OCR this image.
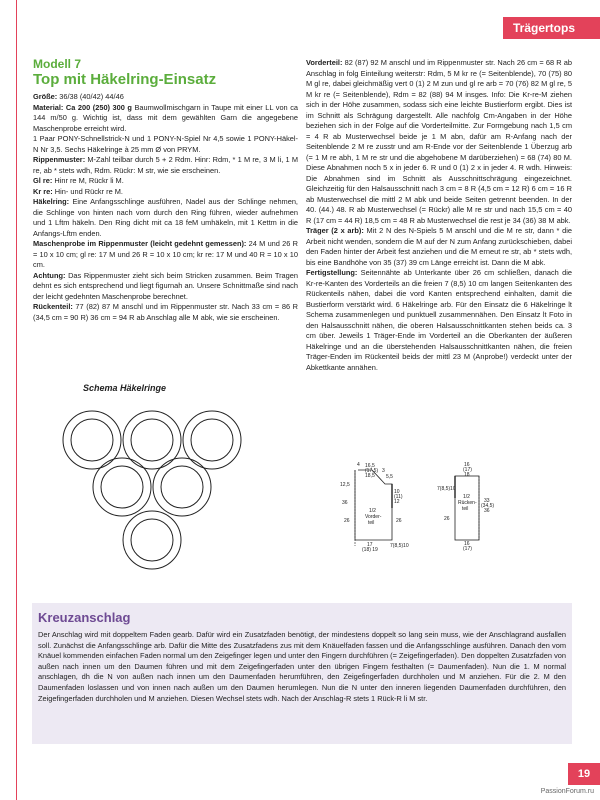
Trägertops
Modell 7
Top mit Häkelring-Einsatz
Größe: 36/38 (40/42) 44/46
Material: Ca 200 (250) 300 g Baumwollmischgarn in Taupe mit einer LL von ca 144 m/50 g. Wichtig ist, dass mit dem gewählten Garn die angegebene Maschenprobe erreicht wird.
1 Paar PONY-Schnellstrick-N und 1 PONY-N-Spiel Nr 4,5 sowie 1 PONY-Häkel-N Nr 3,5. Sechs Häkelringe à 25 mm Ø von PRYM.
Rippenmuster: M-Zahl teilbar durch 5 + 2 Rdm. Hinr: Rdm, * 1 M re, 3 M li, 1 M re, ab * stets wdh, Rdm. Rückr: M str, wie sie erscheinen.
Gl re: Hinr re M, Rückr li M.
Kr re: Hin- und Rückr re M.
Häkelring: Eine Anfangsschlinge ausführen, Nadel aus der Schlinge nehmen, die Schlinge von hinten nach vorn durch den Ring führen, wieder aufnehmen und 1 Lftm häkeln. Den Ring dicht mit ca 18 feM umhäkeln, mit 1 Kettm in die Anfangs-Lftm enden.
Maschenprobe im Rippenmuster (leicht gedehnt gemessen): 24 M und 26 R = 10 x 10 cm; gl re: 17 M und 26 R = 10 x 10 cm; kr re: 17 M und 40 R = 10 x 10 cm.
Achtung: Das Rippenmuster zieht sich beim Stricken zusammen. Beim Tragen dehnt es sich entsprechend und liegt figurnah an. Unsere Schnittmaße sind nach der leicht gedehnten Maschenprobe berechnet.
Rückenteil: 77 (82) 87 M anschl und im Rippenmuster str. Nach 33 cm = 86 R (34,5 cm = 90 R) 36 cm = 94 R ab Anschlag alle M abk, wie sie erscheinen.
Schema Häkelringe
Vorderteil: 82 (87) 92 M anschl und im Rippenmuster str. Nach 26 cm = 68 R ab Anschlag in folg Einteilung weiterstr: Rdm, 5 M kr re (= Seitenblende), 70 (75) 80 M gl re, dabei gleichmäßig vert 0 (1) 2 M zun und gl re arb = 70 (76) 82 M gl re, 5 M kr re (= Seitenblende), Rdm = 82 (88) 94 M insges. Info: Die Kr-re-M ziehen sich in der Höhe zusammen, sodass sich eine leichte Bustierform ergibt. Dies ist im Schnitt als Schrägung dargestellt. Alle nachfolg Cm-Angaben in der Höhe beziehen sich in der Folge auf die Vorderteilmitte. Zur Formgebung nach 1,5 cm = 4 R ab Musterwechsel beide je 1 M abn, dafür am R-Anfang nach der Seitenblende 2 M re zusstr und am R-Ende vor der Seitenblende 1 Überzug arb (= 1 M re abh, 1 M re str und die abgehobene M darüberziehen) = 68 (74) 80 M. Diese Abnahmen noch 5 x in jeder 6. R und 0 (1) 2 x in jeder 4. R wdh. Hinweis: Die Abnahmen sind im Schnitt als Ausschnittschrägung eingezeichnet. Gleichzeitig für den Halsausschnitt nach 3 cm = 8 R (4,5 cm = 12 R) 6 cm = 16 R ab Musterwechsel die mittl 2 M abk und beide Seiten getrennt beenden. In der 40. (44.) 48. R ab Musterwechsel (= Rückr) alle M re str und nach 15,5 cm = 40 R (17 cm = 44 R) 18,5 cm = 48 R ab Musterwechsel die rest je 34 (36) 38 M abk.
Träger (2 x arb): Mit 2 N des N-Spiels 5 M anschl und die M re str, dann * die Arbeit nicht wenden, sondern die M auf der N zum Anfang zurückschieben, dabei den Faden hinter der Arbeit fest anziehen und die M erneut re str, ab * stets wdh, bis eine Bandhöhe von 35 (37) 39 cm Länge erreicht ist. Dann die M abk.
Fertigstellung: Seitennähte ab Unterkante über 26 cm schließen, danach die Kr-re-Kanten des Vorderteils an die freien 7 (8,5) 10 cm langen Seitenkanten des Rückenteils nähen, dabei die vord Kanten entsprechend einhalten, damit die Bustierform verstärkt wird. 6 Häkelringe arb. Für den Einsatz die 6 Häkelringe lt Schema zusammenlegen und punktuell zusammennähen. Den Einsatz lt Foto in den Halsausschnitt nähen, die oberen Halsausschnittkanten stehen beids ca. 3 cm über. Jeweils 1 Träger-Ende im Vorderteil an die Oberkanten der äußeren Häkelringe und an die überstehenden Halsausschnittkanten nähen, die freien Träger-Enden im Rückenteil beids der mittl 23 M (Anprobe!) verdeckt unter der Abkettkante annähen.
4 16,5
(17,5)
18,5
3
5,5
12,5
36
10
(11)
12
26	26
1/2
Vorder-
teil
17
(18) 19
7(8,5)10
16
(17)
18
7(8,5)10
33
(34,5)
36
26
1/2
Rücken-
teil
16
(17)
Kreuzanschlag
Der Anschlag wird mit doppeltem Faden gearb. Dafür wird ein Zusatzfaden benötigt, der mindestens doppelt so lang sein muss, wie der Anschlagrand ausfallen soll. Zunächst die Anfangsschlinge arb. Dafür die Mitte des Zusatzfadens zus mit dem Knäuelfaden fassen und die Anfangsschlinge ausführen. Danach den vom Knäuel kommenden einfachen Faden normal um den Zeigefinger legen und unter den Fingern durchführen (= Zeigefingerfaden). Den doppelten Zusatzfaden von außen nach innen um den Daumen führen und mit dem Zeigefingerfaden unter den übrigen Fingern festhalten (= Daumenfaden). Nun die 1. M normal anschlagen, dh die N von außen nach innen um den Daumenfaden herumführen, den Zeigefingerfaden durchholen und M anziehen. Für die 2. M den Daumenfaden loslassen und von innen nach außen um den Daumen herumlegen. Nun die N unter den inneren liegenden Daumenfaden durchführen, den Zeigefingerfaden durchholen und M anziehen. Diesen Wechsel stets wdh. Nach der Anschlag-R stets 1 Rück-R li M str.
19
PassionForum.ru
